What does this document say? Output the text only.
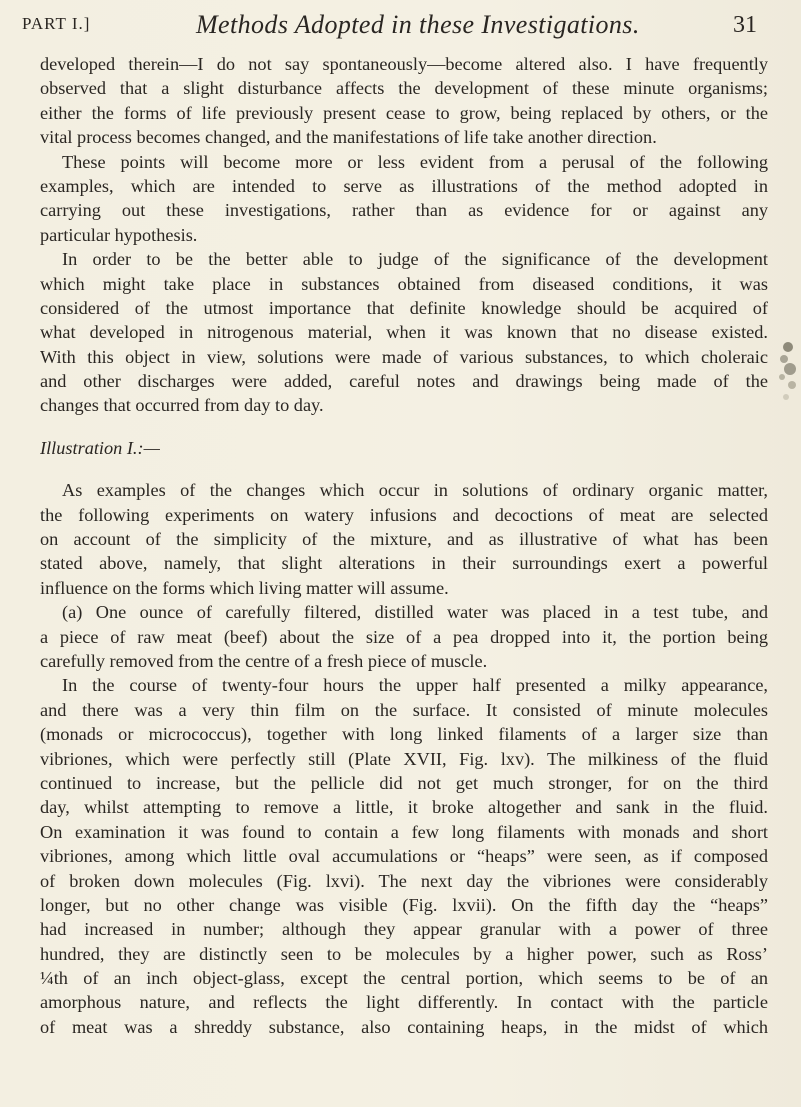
PART I.]	Methods Adopted in these Investigations.	31
developed therein—I do not say spontaneously—become altered also. I have frequently
observed that a slight disturbance affects the development of these minute organisms;
either the forms of life previously present cease to grow, being replaced by others, or the
vital process becomes changed, and the manifestations of life take another direction.
These points will become more or less evident from a perusal of the following
examples, which are intended to serve as illustrations of the method adopted in
carrying out these investigations, rather than as evidence for or against any
particular hypothesis.
In order to be the better able to judge of the significance of the development
which might take place in substances obtained from diseased conditions, it was
considered of the utmost importance that definite knowledge should be acquired of
what developed in nitrogenous material, when it was known that no disease existed.
With this object in view, solutions were made of various substances, to which choleraic
and other discharges were added, careful notes and drawings being made of the
changes that occurred from day to day.
Illustration I.:—
As examples of the changes which occur in solutions of ordinary organic matter,
the following experiments on watery infusions and decoctions of meat are selected
on account of the simplicity of the mixture, and as illustrative of what has been
stated above, namely, that slight alterations in their surroundings exert a powerful
influence on the forms which living matter will assume.
(a) One ounce of carefully filtered, distilled water was placed in a test tube, and
a piece of raw meat (beef) about the size of a pea dropped into it, the portion being
carefully removed from the centre of a fresh piece of muscle.
In the course of twenty-four hours the upper half presented a milky appearance,
and there was a very thin film on the surface. It consisted of minute molecules
(monads or micrococcus), together with long linked filaments of a larger size than
vibriones, which were perfectly still (Plate XVII, Fig. lxv). The milkiness of the fluid
continued to increase, but the pellicle did not get much stronger, for on the third
day, whilst attempting to remove a little, it broke altogether and sank in the fluid.
On examination it was found to contain a few long filaments with monads and short
vibriones, among which little oval accumulations or “heaps” were seen, as if composed
of broken down molecules (Fig. lxvi). The next day the vibriones were considerably
longer, but no other change was visible (Fig. lxvii). On the fifth day the “heaps”
had increased in number; although they appear granular with a power of three
hundred, they are distinctly seen to be molecules by a higher power, such as Ross’
¼th of an inch object-glass, except the central portion, which seems to be of an
amorphous nature, and reflects the light differently. In contact with the particle
of meat was a shreddy substance, also containing heaps, in the midst of which
